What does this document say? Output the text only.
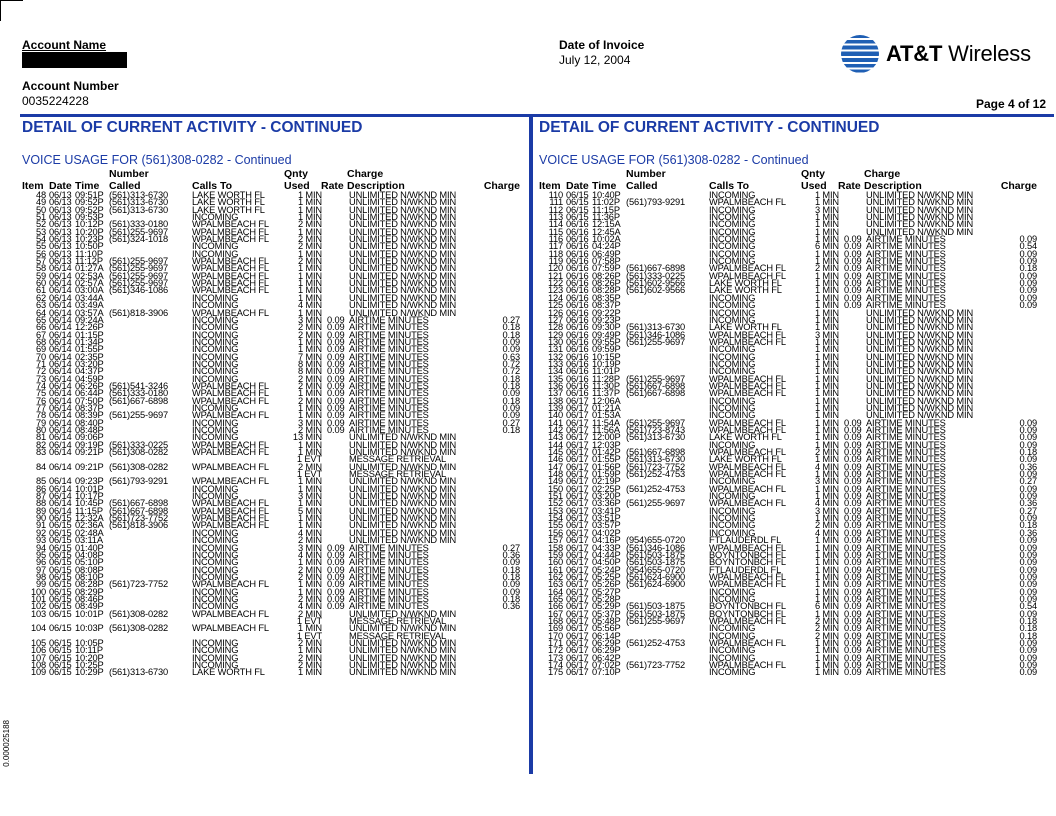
Account Name
Account Number
0035224228
Date of Invoice
July 12, 2004
Page 4 of 12
AT&T Wireless
DETAIL OF CURRENT ACTIVITY - CONTINUED
VOICE USAGE FOR (561)308-0282 - Continued
Number	Qnty	Charge
Item Date Time Called	Calls To	Used Rate Description	Charge
48 06/13 09:51P (561)313-6730	LAKE WORTH FL	1 MIN	UNLIMITED N/WKND MIN
49 06/13 09:52P (561)313-6730	LAKE WORTH FL	1 MIN	UNLIMITED N/WKND MIN
50 06/13 09:52P (561)313-6730	LAKE WORTH FL	1 MIN	UNLIMITED N/WKND MIN
51 06/13 09:53P	INCOMING	1 MIN	UNLIMITED N/WKND MIN
52 06/13 10:12P (561)333-0180	WPALMBEACH FL	2 MIN	UNLIMITED N/WKND MIN
53 06/13 10:20P (561)255-9697	WPALMBEACH FL	1 MIN	UNLIMITED N/WKND MIN
54 06/13 10:23P (561)324-1018	WPALMBEACH FL	2 MIN	UNLIMITED N/WKND MIN
55 06/13 10:50P	INCOMING	2 MIN	UNLIMITED N/WKND MIN
56 06/13 11:10P	INCOMING	1 MIN	UNLIMITED N/WKND MIN
57 06/13 11:12P (561)255-9697	WPALMBEACH FL	2 MIN	UNLIMITED N/WKND MIN
58 06/14 01:27A (561)255-9697	WPALMBEACH FL	1 MIN	UNLIMITED N/WKND MIN
59 06/14 02:53A (561)255-9697	WPALMBEACH FL	1 MIN	UNLIMITED N/WKND MIN
60 06/14 02:57A (561)255-9697	WPALMBEACH FL	1 MIN	UNLIMITED N/WKND MIN
61 06/14 03:00A (561)346-1086	WPALMBEACH FL	1 MIN	UNLIMITED N/WKND MIN
62 06/14 03:44A	INCOMING	1 MIN	UNLIMITED N/WKND MIN
63 06/14 03:49A	INCOMING	4 MIN	UNLIMITED N/WKND MIN
64 06/14 03:57A (561)818-3906	WPALMBEACH FL	1 MIN	UNLIMITED N/WKND MIN
65 06/14 09:24A	INCOMING	3 MIN 0.09 AIRTIME MINUTES	0.27
66 06/14 12:26P	INCOMING	2 MIN 0.09 AIRTIME MINUTES	0.18
67 06/14 01:15P	INCOMING	2 MIN 0.09 AIRTIME MINUTES	0.18
68 06/14 01:34P	INCOMING	1 MIN 0.09 AIRTIME MINUTES	0.09
69 06/14 01:55P	INCOMING	1 MIN 0.09 AIRTIME MINUTES	0.09
70 06/14 02:35P	INCOMING	7 MIN 0.09 AIRTIME MINUTES	0.63
71 06/14 03:20P	INCOMING	8 MIN 0.09 AIRTIME MINUTES	0.72
72 06/14 04:37P	INCOMING	8 MIN 0.09 AIRTIME MINUTES	0.72
73 06/14 04:59P	INCOMING	2 MIN 0.09 AIRTIME MINUTES	0.18
74 06/14 06:26P (561)541-3246	WPALMBEACH FL	2 MIN 0.09 AIRTIME MINUTES	0.18
75 06/14 06:44P (561)333-0180	WPALMBEACH FL	1 MIN 0.09 AIRTIME MINUTES	0.09
76 06/14 07:50P (561)667-6898	WPALMBEACH FL	2 MIN 0.09 AIRTIME MINUTES	0.18
77 06/14 08:37P	INCOMING	1 MIN 0.09 AIRTIME MINUTES	0.09
78 06/14 08:39P (561)255-9697	WPALMBEACH FL	1 MIN 0.09 AIRTIME MINUTES	0.09
79 06/14 08:40P	INCOMING	3 MIN 0.09 AIRTIME MINUTES	0.27
80 06/14 08:48P	INCOMING	2 MIN 0.09 AIRTIME MINUTES	0.18
81 06/14 09:06P	INCOMING	13 MIN	UNLIMITED N/WKND MIN
82 06/14 09:19P (561)333-0225	WPALMBEACH FL	1 MIN	UNLIMITED N/WKND MIN
83 06/14 09:21P (561)308-0282	WPALMBEACH FL	1 MIN	UNLIMITED N/WKND MIN
1 EVT	MESSAGE RETRIEVAL
84 06/14 09:21P (561)308-0282	WPALMBEACH FL	2 MIN	UNLIMITED N/WKND MIN
1 EVT	MESSAGE RETRIEVAL
85 06/14 09:23P (561)793-9291	WPALMBEACH FL	1 MIN	UNLIMITED N/WKND MIN
86 06/14 10:01P	INCOMING	1 MIN	UNLIMITED N/WKND MIN
87 06/14 10:17P	INCOMING	3 MIN	UNLIMITED N/WKND MIN
88 06/14 10:45P (561)667-6898	WPALMBEACH FL	1 MIN	UNLIMITED N/WKND MIN
89 06/14 11:15P (561)667-6898	WPALMBEACH FL	5 MIN	UNLIMITED N/WKND MIN
90 06/15 12:32A (561)723-7752	WPALMBEACH FL	1 MIN	UNLIMITED N/WKND MIN
91 06/15 02:36A (561)818-3906	WPALMBEACH FL	1 MIN	UNLIMITED N/WKND MIN
92 06/15 02:48A	INCOMING	4 MIN	UNLIMITED N/WKND MIN
93 06/15 03:11A	INCOMING	2 MIN	UNLIMITED N/WKND MIN
94 06/15 01:40P	INCOMING	3 MIN 0.09 AIRTIME MINUTES	0.27
95 06/15 04:08P	INCOMING	4 MIN 0.09 AIRTIME MINUTES	0.36
96 06/15 05:10P	INCOMING	1 MIN 0.09 AIRTIME MINUTES	0.09
97 06/15 08:08P	INCOMING	2 MIN 0.09 AIRTIME MINUTES	0.18
98 06/15 08:10P	INCOMING	2 MIN 0.09 AIRTIME MINUTES	0.18
99 06/15 08:28P (561)723-7752	WPALMBEACH FL	1 MIN 0.09 AIRTIME MINUTES	0.09
100 06/15 08:29P	INCOMING	1 MIN 0.09 AIRTIME MINUTES	0.09
101 06/15 08:46P	INCOMING	2 MIN 0.09 AIRTIME MINUTES	0.18
102 06/15 08:49P	INCOMING	4 MIN 0.09 AIRTIME MINUTES	0.36
103 06/15 10:01P (561)308-0282	WPALMBEACH FL	2 MIN	UNLIMITED N/WKND MIN
1 EVT	MESSAGE RETRIEVAL
104 06/15 10:03P (561)308-0282	WPALMBEACH FL	1 MIN	UNLIMITED N/WKND MIN
1 EVT	MESSAGE RETRIEVAL
105 06/15 10:05P	INCOMING	2 MIN	UNLIMITED N/WKND MIN
106 06/15 10:11P	INCOMING	1 MIN	UNLIMITED N/WKND MIN
107 06/15 10:20P	INCOMING	2 MIN	UNLIMITED N/WKND MIN
108 06/15 10:25P	INCOMING	2 MIN	UNLIMITED N/WKND MIN
109 06/15 10:29P (561)313-6730	LAKE WORTH FL	1 MIN	UNLIMITED N/WKND MIN
DETAIL OF CURRENT ACTIVITY - CONTINUED
VOICE USAGE FOR (561)308-0282 - Continued
Number	Qnty	Charge
Item Date Time Called	Calls To	Used Rate Description	Charge
110 06/15 10:40P	INCOMING	1 MIN	UNLIMITED N/WKND MIN
111 06/15 11:02P (561)793-9291	WPALMBEACH FL	1 MIN	UNLIMITED N/WKND MIN
112 06/15 11:15P	INCOMING	3 MIN	UNLIMITED N/WKND MIN
113 06/15 11:36P	INCOMING	1 MIN	UNLIMITED N/WKND MIN
114 06/16 12:15A	INCOMING	1 MIN	UNLIMITED N/WKND MIN
115 06/16 12:45A	INCOMING	1 MIN	UNLIMITED N/WKND MIN
116 06/16 10:02A	INCOMING	1 MIN 0.09 AIRTIME MINUTES	0.09
117 06/16 04:24P	INCOMING	6 MIN 0.09 AIRTIME MINUTES	0.54
118 06/16 06:49P	INCOMING	1 MIN 0.09 AIRTIME MINUTES	0.09
119 06/16 07:58P	INCOMING	1 MIN 0.09 AIRTIME MINUTES	0.09
120 06/16 07:59P (561)667-6898	WPALMBEACH FL	2 MIN 0.09 AIRTIME MINUTES	0.18
121 06/16 08:26P (561)333-0225	WPALMBEACH FL	1 MIN 0.09 AIRTIME MINUTES	0.09
122 06/16 08:26P (561)602-9566	LAKE WORTH FL	1 MIN 0.09 AIRTIME MINUTES	0.09
123 06/16 08:28P (561)602-9566	LAKE WORTH FL	1 MIN 0.09 AIRTIME MINUTES	0.09
124 06/16 08:35P	INCOMING	1 MIN 0.09 AIRTIME MINUTES	0.09
125 06/16 08:37P	INCOMING	1 MIN 0.09 AIRTIME MINUTES	0.09
126 06/16 09:22P	INCOMING	1 MIN	UNLIMITED N/WKND MIN
127 06/16 09:23P	INCOMING	1 MIN	UNLIMITED N/WKND MIN
128 06/16 09:30P (561)313-6730	LAKE WORTH FL	1 MIN	UNLIMITED N/WKND MIN
129 06/16 09:49P (561)346-1086	WPALMBEACH FL	3 MIN	UNLIMITED N/WKND MIN
130 06/16 09:55P (561)255-9697	WPALMBEACH FL	1 MIN	UNLIMITED N/WKND MIN
131 06/16 09:59P	INCOMING	1 MIN	UNLIMITED N/WKND MIN
132 06/16 10:15P	INCOMING	1 MIN	UNLIMITED N/WKND MIN
133 06/16 10:19P	INCOMING	1 MIN	UNLIMITED N/WKND MIN
134 06/16 11:01P	INCOMING	1 MIN	UNLIMITED N/WKND MIN
135 06/16 11:28P (561)255-9697	WPALMBEACH FL	1 MIN	UNLIMITED N/WKND MIN
136 06/16 11:30P (561)667-6898	WPALMBEACH FL	1 MIN	UNLIMITED N/WKND MIN
137 06/16 11:37P (561)667-6898	WPALMBEACH FL	1 MIN	UNLIMITED N/WKND MIN
138 06/17 12:06A	INCOMING	1 MIN	UNLIMITED N/WKND MIN
139 06/17 01:21A	INCOMING	1 MIN	UNLIMITED N/WKND MIN
140 06/17 01:53A	INCOMING	1 MIN	UNLIMITED N/WKND MIN
141 06/17 11:54A (561)255-9697	WPALMBEACH FL	1 MIN 0.09 AIRTIME MINUTES	0.09
142 06/17 11:56A (561)723-8743	WPALMBEACH FL	1 MIN 0.09 AIRTIME MINUTES	0.09
143 06/17 12:00P (561)313-6730	LAKE WORTH FL	1 MIN 0.09 AIRTIME MINUTES	0.09
144 06/17 12:03P	INCOMING	1 MIN 0.09 AIRTIME MINUTES	0.09
145 06/17 01:42P (561)667-6898	WPALMBEACH FL	2 MIN 0.09 AIRTIME MINUTES	0.18
146 06/17 01:55P (561)313-6730	LAKE WORTH FL	1 MIN 0.09 AIRTIME MINUTES	0.09
147 06/17 01:56P (561)723-7752	WPALMBEACH FL	4 MIN 0.09 AIRTIME MINUTES	0.36
148 06/17 01:59P (561)252-4753	WPALMBEACH FL	1 MIN 0.09 AIRTIME MINUTES	0.09
149 06/17 02:19P	INCOMING	3 MIN 0.09 AIRTIME MINUTES	0.27
150 06/17 02:25P (561)252-4753	WPALMBEACH FL	1 MIN 0.09 AIRTIME MINUTES	0.09
151 06/17 03:20P	INCOMING	1 MIN 0.09 AIRTIME MINUTES	0.09
152 06/17 03:36P (561)255-9697	WPALMBEACH FL	4 MIN 0.09 AIRTIME MINUTES	0.36
153 06/17 03:41P	INCOMING	3 MIN 0.09 AIRTIME MINUTES	0.27
154 06/17 03:51P	INCOMING	1 MIN 0.09 AIRTIME MINUTES	0.09
155 06/17 03:57P	INCOMING	2 MIN 0.09 AIRTIME MINUTES	0.18
156 06/17 04:02P	INCOMING	4 MIN 0.09 AIRTIME MINUTES	0.36
157 06/17 04:16P (954)655-0720	FTLAUDERDL FL	1 MIN 0.09 AIRTIME MINUTES	0.09
158 06/17 04:33P (561)346-1086	WPALMBEACH FL	1 MIN 0.09 AIRTIME MINUTES	0.09
159 06/17 04:44P (561)503-1875	BOYNTONBCH FL	1 MIN 0.09 AIRTIME MINUTES	0.09
160 06/17 04:50P (561)503-1875	BOYNTONBCH FL	1 MIN 0.09 AIRTIME MINUTES	0.09
161 06/17 05:24P (954)655-0720	FTLAUDERDL FL	1 MIN 0.09 AIRTIME MINUTES	0.09
162 06/17 05:25P (561)624-6900	WPALMBEACH FL	1 MIN 0.09 AIRTIME MINUTES	0.09
163 06/17 05:26P (561)624-6900	WPALMBEACH FL	1 MIN 0.09 AIRTIME MINUTES	0.09
164 06/17 05:27P	INCOMING	1 MIN 0.09 AIRTIME MINUTES	0.09
165 06/17 05:28P	INCOMING	1 MIN 0.09 AIRTIME MINUTES	0.09
166 06/17 05:29P (561)503-1875	BOYNTONBCH FL	6 MIN 0.09 AIRTIME MINUTES	0.54
167 06/17 05:37P (561)503-1875	BOYNTONBCH FL	1 MIN 0.09 AIRTIME MINUTES	0.09
168 06/17 05:48P (561)255-9697	WPALMBEACH FL	2 MIN 0.09 AIRTIME MINUTES	0.18
169 06/17 05:56P	INCOMING	2 MIN 0.09 AIRTIME MINUTES	0.18
170 06/17 06:14P	INCOMING	2 MIN 0.09 AIRTIME MINUTES	0.18
171 06/17 06:29P (561)252-4753	WPALMBEACH FL	1 MIN 0.09 AIRTIME MINUTES	0.09
172 06/17 06:29P	INCOMING	1 MIN 0.09 AIRTIME MINUTES	0.09
173 06/17 06:42P	INCOMING	1 MIN 0.09 AIRTIME MINUTES	0.09
174 06/17 07:02P (561)723-7752	WPALMBEACH FL	1 MIN 0.09 AIRTIME MINUTES	0.09
175 06/17 07:10P	INCOMING	1 MIN 0.09 AIRTIME MINUTES	0.09
0.000025188
